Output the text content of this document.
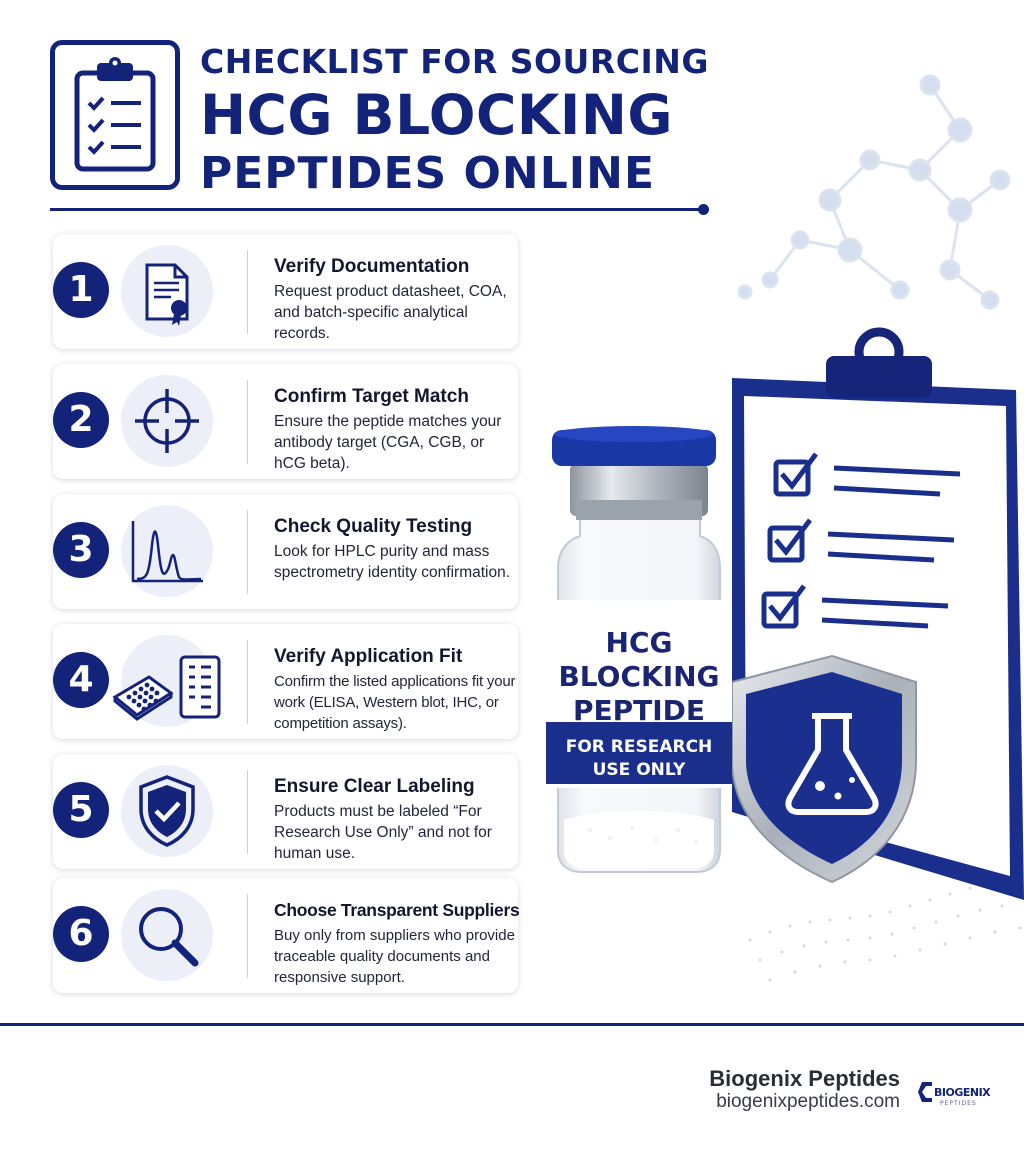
CHECKLIST FOR SOURCING
HCG BLOCKING
PEPTIDES ONLINE
1
Verify Documentation
Request product datasheet, COA, and batch-specific analytical records.
2
Confirm Target Match
Ensure the peptide matches your antibody target (CGA, CGB, or hCG beta).
3
Check Quality Testing
Look for HPLC purity and mass spectrometry identity confirmation.
4
Verify Application Fit
Confirm the listed applications fit your work (ELISA, Western blot, IHC, or competition assays).
5
Ensure Clear Labeling
Products must be labeled “For Research Use Only” and not for human use.
6
Choose Transparent Suppliers
Buy only from suppliers who provide traceable quality documents and responsive support.
HCG
BLOCKING
PEPTIDE
FOR RESEARCH
USE ONLY
Biogenix Peptides
biogenixpeptides.com	BIOGENIX
PEPTIDES
